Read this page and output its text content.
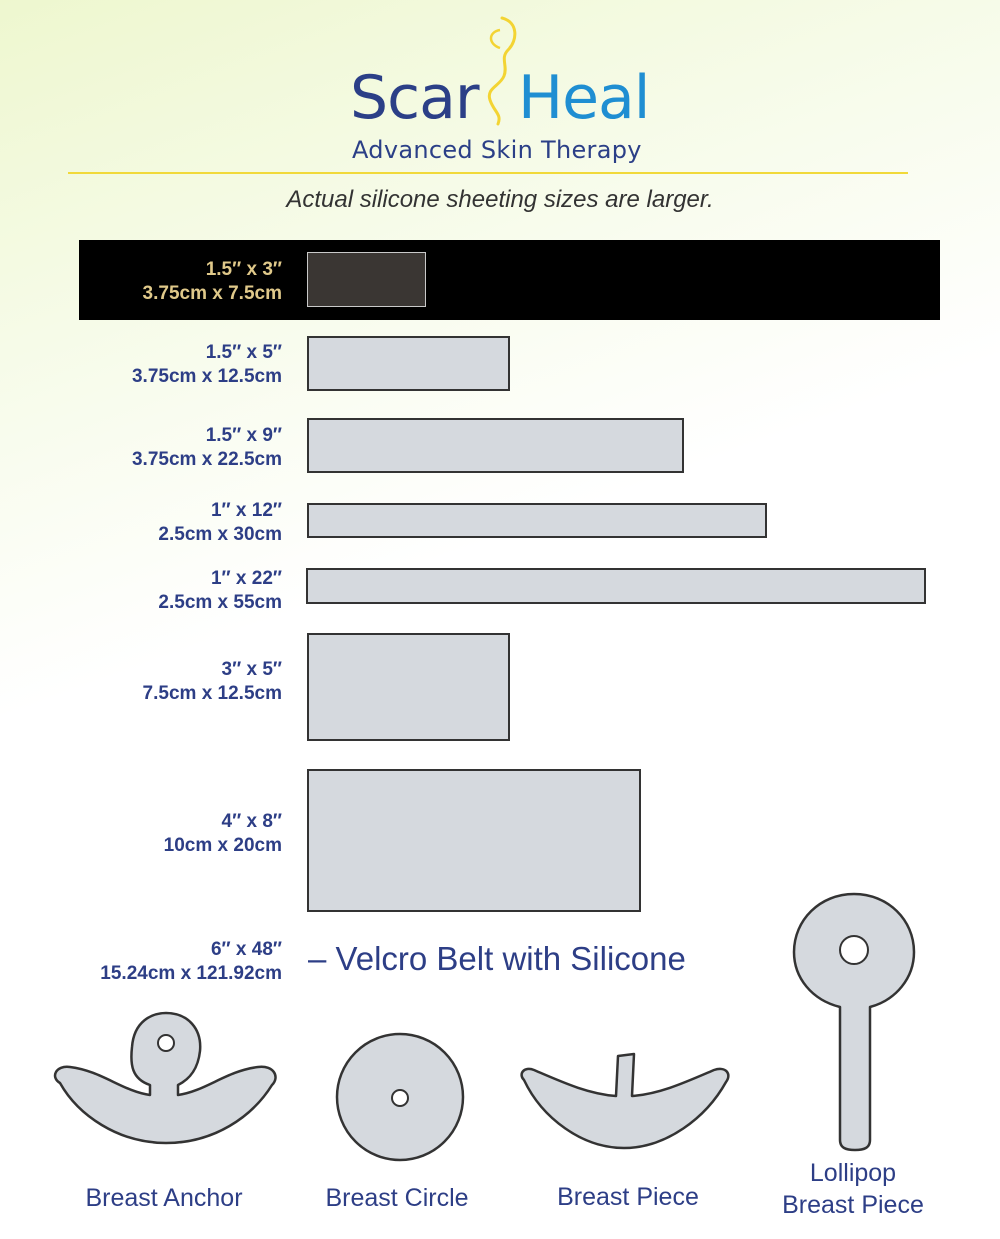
Scar Heal
Advanced Skin Therapy
Actual silicone sheeting sizes are larger.
1.5″ x 3″
3.75cm x 7.5cm
1.5″ x 5″
3.75cm x 12.5cm
1.5″ x 9″
3.75cm x 22.5cm
1″ x 12″
2.5cm x 30cm
1″ x 22″
2.5cm x 55cm
3″ x 5″
7.5cm x 12.5cm
4″ x 8″
10cm x 20cm
6″ x 48″
15.24cm x 121.92cm – Velcro Belt with Silicone
Breast Anchor	Breast Circle	Breast Piece
Lollipop
Breast Piece
